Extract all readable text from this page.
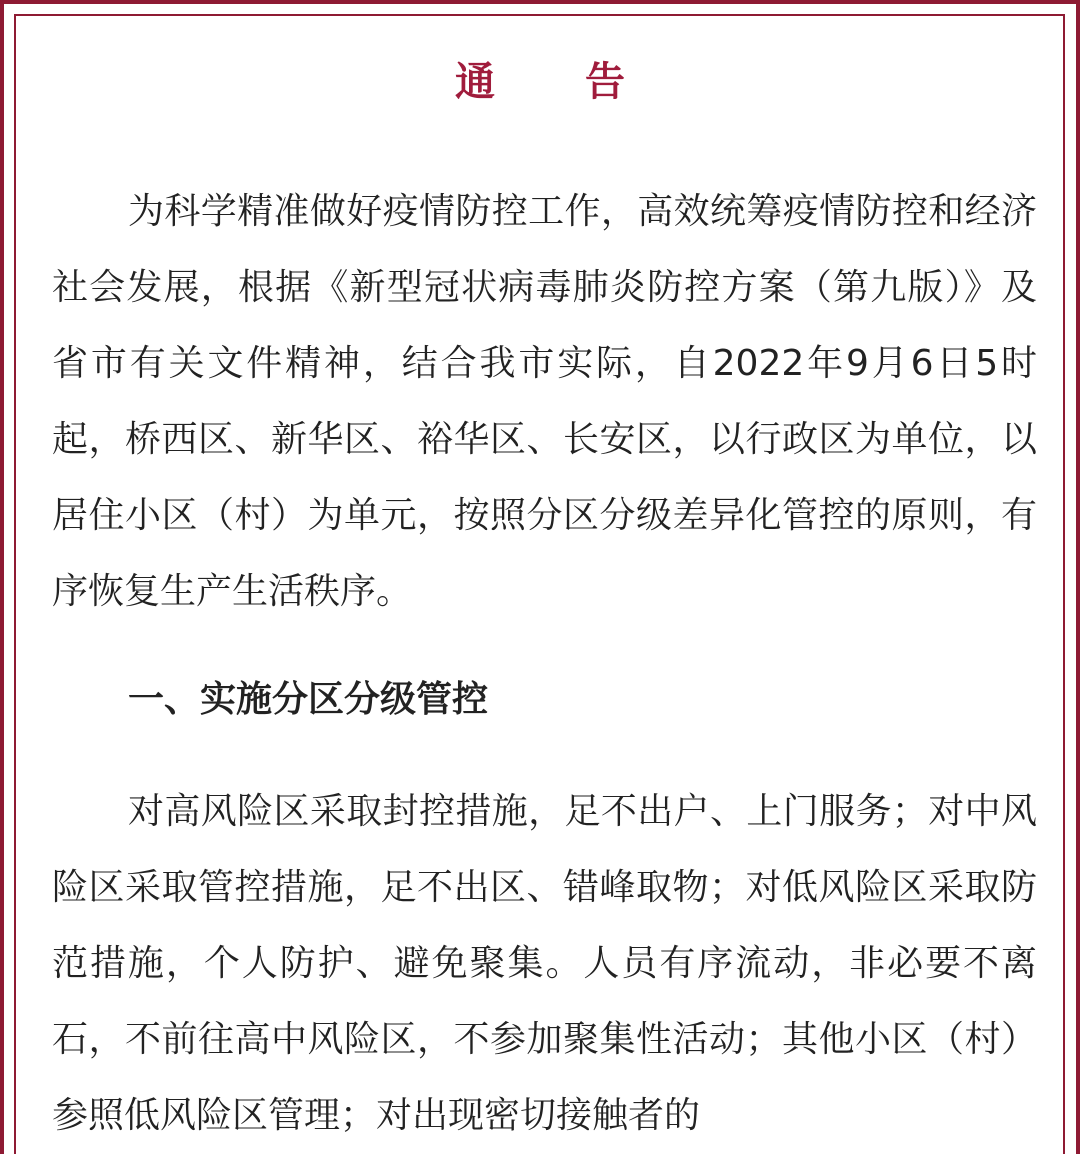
通 告

为科学精准做好疫情防控工作，高效统筹疫情防控和经济社会发展，根据《新型冠状病毒肺炎防控方案（第九版）》及省市有关文件精神，结合我市实际，自2022年9月6日5时起，桥西区、新华区、裕华区、长安区，以行政区为单位，以居住小区（村）为单元，按照分区分级差异化管控的原则，有序恢复生产生活秩序。

一、实施分区分级管控

对高风险区采取封控措施，足不出户、上门服务；对中风险区采取管控措施，足不出区、错峰取物；对低风险区采取防范措施，个人防护、避免聚集。人员有序流动，非必要不离石，不前往高中风险区，不参加聚集性活动；其他小区（村）参照低风险区管理；对出现密切接触者的
